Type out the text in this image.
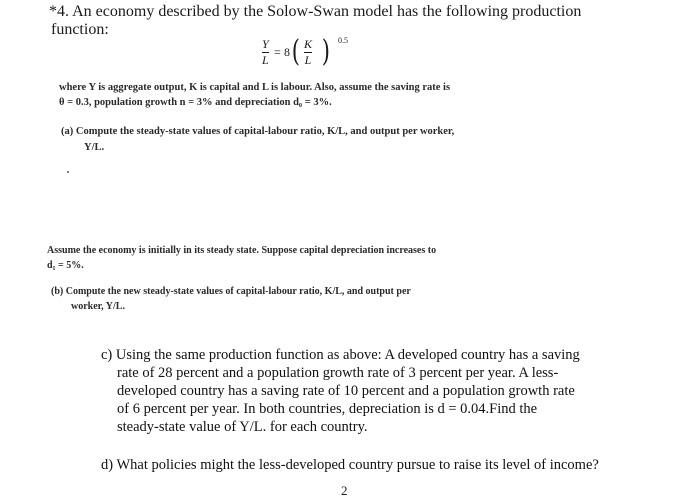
*4. An economy described by the Solow-Swan model has the following production
function:
Y
L
= 8 ( K
L ) 0.5
where Y is aggregate output, K is capital and L is labour. Also, assume the saving rate is
θ = 0.3, population growth n = 3% and depreciation d₀ = 3%.
(a) Compute the steady-state values of capital-labour ratio, K/L, and output per worker,
Y/L.
Assume the economy is initially in its steady state. Suppose capital depreciation increases to
d₁ = 5%.
(b) Compute the new steady-state values of capital-labour ratio, K/L, and output per
worker, Y/L.
c) Using the same production function as above: A developed country has a saving
rate of 28 percent and a population growth rate of 3 percent per year. A less-
developed country has a saving rate of 10 percent and a population growth rate
of 6 percent per year. In both countries, depreciation is d = 0.04.Find the
steady-state value of Y/L. for each country.
d) What policies might the less-developed country pursue to raise its level of income?
2
